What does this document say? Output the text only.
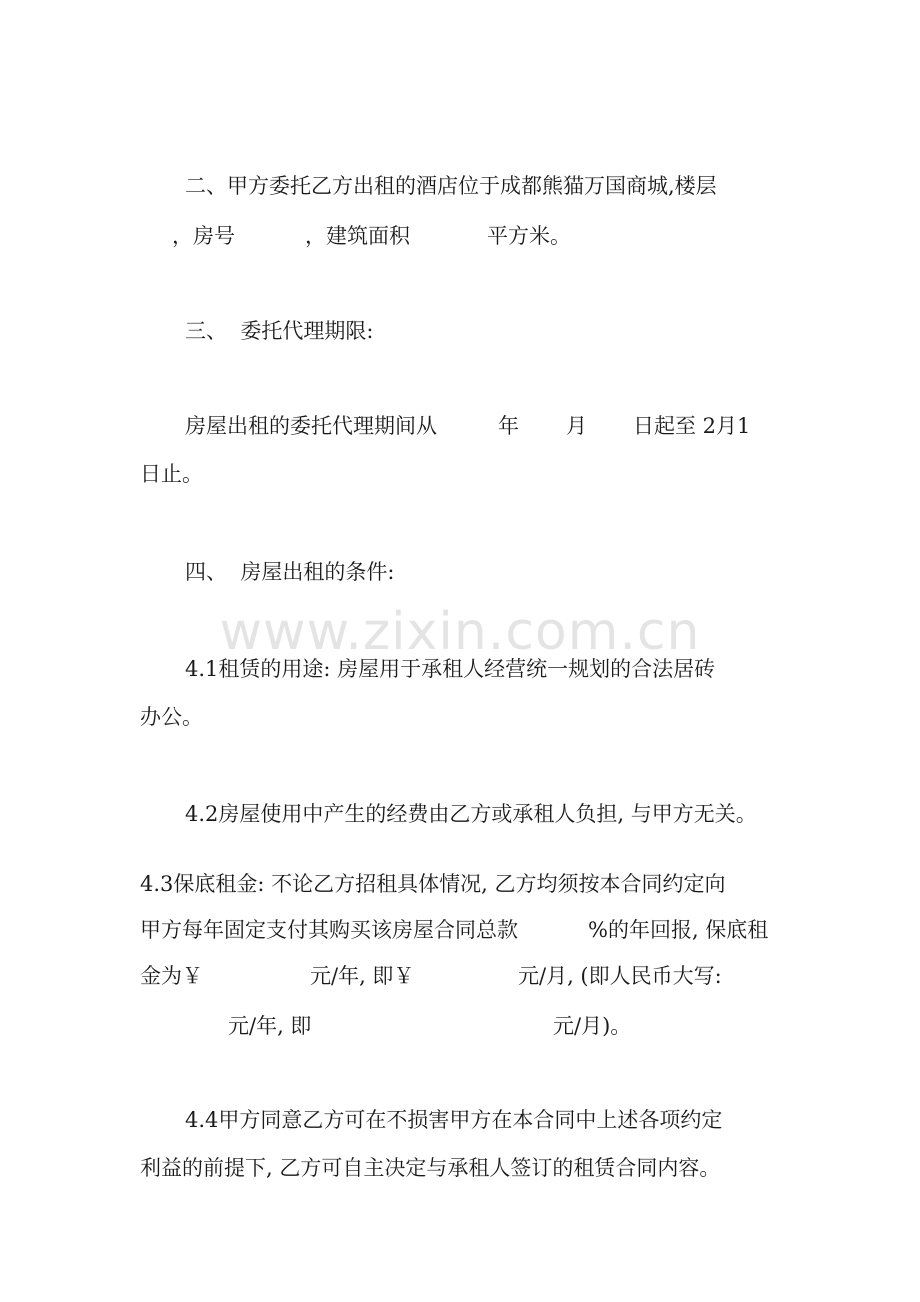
www.zixin.com.cn
二、甲方委托乙方出租的酒店位于成都熊猫万国商城,楼层
，房号	，建筑面积	平方米。
三、  委托代理期限:
房屋出租的委托代理期间从	年 月 日起至 2月1
日止。
四、  房屋出租的条件:
4.1租赁的用途: 房屋用于承租人经营统一规划的合法居砖
办公。
4.2房屋使用中产生的经费由乙方或承租人负担, 与甲方无关。
4.3保底租金: 不论乙方招租具体情况, 乙方均须按本合同约定向
甲方每年固定支付其购买该房屋合同总款	%的年回报, 保底租
金为￥	元/年, 即￥	元/月, (即人民币大写:
元/年, 即	元/月)。
4.4甲方同意乙方可在不损害甲方在本合同中上述各项约定
利益的前提下, 乙方可自主决定与承租人签订的租赁合同内容。
